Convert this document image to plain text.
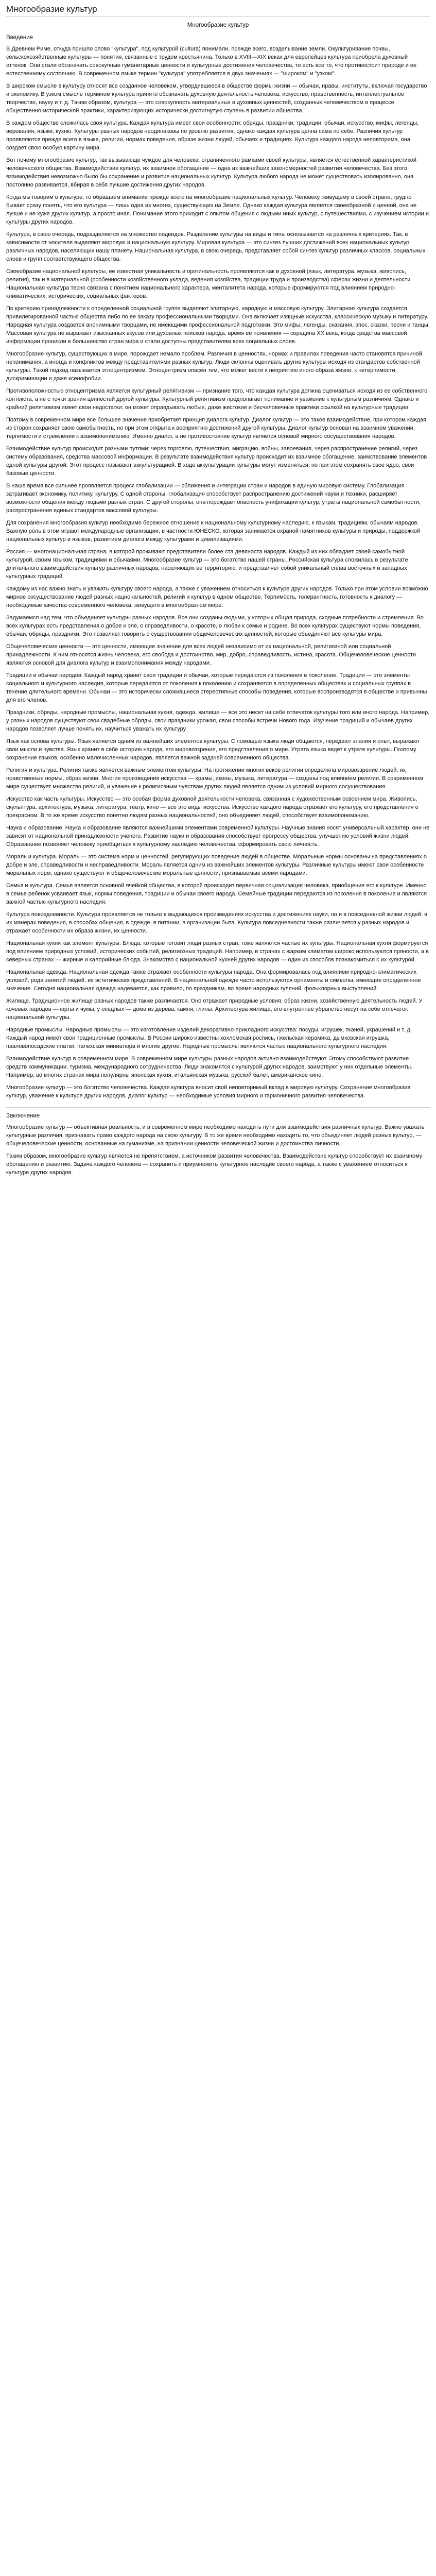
Многообразие культур
Многообразие культур
Введение

В Древнем Риме, откуда пришло слово "культура", под культурой (cultura) понимали, прежде всего, возделывание земли. Окультуривание почвы, сельскохозяйственные культуры — понятия, связанные с трудом крестьянина. Только в XVIII—XIX веках для европейцев культура приобрела духовный оттенок. Они стали обозначать совокупные гуманитарные ценности и культурные достижения человечества, то есть все то, что противостоит природе и ее естественному состоянию. В современном языке термин "культура" употребляется в двух значениях — "широком" и "узком".

В широком смысле в культуру относят все созданное человеком, утвердившееся в обществе формы жизни — обычаи, нравы, институты, включая государство и экономику. В узком смысле термином культура принято обозначать духовную деятельность человека: искусство, нравственность, интеллектуальное творчество, науку и т. д. Таким образом, культура — это совокупность материальных и духовных ценностей, созданных человечеством в процессе общественно-исторической практики, характеризующих исторически достигнутую ступень в развитии общества.

В каждом обществе сложилась своя культура. Каждая культура имеет свои особенности: обряды, праздники, традиции, обычаи, искусство, мифы, легенды, верования, языки, кухню. Культуры разных народов неодинаковы по уровню развития, однако каждая культура ценна сама по себе. Различия культур проявляются прежде всего в языке, религии, нормах поведения, образе жизни людей, обычаях и традициях. Культура каждого народа неповторима, она создает свою особую картину мира.

Вот почему многообразие культур, так вызывающе чуждое для человека, ограниченного рамками своей культуры, является естественной характеристикой человеческого общества. Взаимодействие культур, их взаимное обогащение — одна из важнейших закономерностей развития человечества. Без этого взаимодействия невозможно было бы сохранение и развитие национальных культур. Культура любого народа не может существовать изолированно, она постоянно развивается, вбирая в себя лучшие достижения других народов.

Когда мы говорим о культуре, то обращаем внимание прежде всего на многообразие национальных культур. Человеку, живущему в своей стране, трудно бывает сразу понять, что его культура — лишь одна из многих, существующих на Земле. Однако каждая культура является своеобразной и ценной, она не лучше и не хуже других культур, а просто иная. Понимание этого приходит с опытом общения с людьми иных культур, с путешествиями, с изучением истории и культуры других народов.

Культура, в свою очередь, подразделяется на множество подвидов. Разделение культуры на виды и типы основывается на различных критериях. Так, в зависимости от носителя выделяют мировую и национальную культуру. Мировая культура — это синтез лучших достижений всех национальных культур различных народов, населяющих нашу планету. Национальная культура, в свою очередь, представляет собой синтез культур различных классов, социальных слоев и групп соответствующего общества.

Своеобразие национальной культуры, ее известная уникальность и оригинальность проявляются как в духовной (язык, литература, музыка, живопись, религия), так и в материальной (особенности хозяйственного уклада, ведения хозяйства, традиции труда и производства) сферах жизни и деятельности. Национальная культура тесно связана с понятием национального характера, менталитета народа, которые формируются под влиянием природно-климатических, исторических, социальных факторов.

По критерию принадлежности к определенной социальной группе выделяют элитарную, народную и массовую культуру. Элитарная культура создается привилегированной частью общества либо по ее заказу профессиональными творцами. Она включает изящные искусства, классическую музыку и литературу. Народная культура создается анонимными творцами, не имеющими профессиональной подготовки. Это мифы, легенды, сказания, эпос, сказки, песни и танцы. Массовая культура не выражает изысканных вкусов или духовных поисков народа, время ее появления — середина XX века, когда средства массовой информации проникли в большинство стран мира и стали доступны представителям всех социальных слоев.

Многообразие культур, существующих в мире, порождает немало проблем. Различия в ценностях, нормах и правилах поведения часто становятся причиной непонимания, а иногда и конфликтов между представителями разных культур. Люди склонны оценивать другие культуры исходя из стандартов собственной культуры. Такой подход называется этноцентризмом. Этноцентризм опасен тем, что может вести к неприятию иного образа жизни, к нетерпимости, дискриминации и даже ксенофобии.

Противоположностью этноцентризма является культурный релятивизм — признание того, что каждая культура должна оцениваться исходя из ее собственного контекста, а не с точки зрения ценностей другой культуры. Культурный релятивизм предполагает понимание и уважение к культурным различиям. Однако и крайний релятивизм имеет свои недостатки: он может оправдывать любые, даже жестокие и бесчеловечные практики ссылкой на культурные традиции.

Поэтому в современном мире все большее значение приобретает принцип диалога культур. Диалог культур — это такое взаимодействие, при котором каждая из сторон сохраняет свою самобытность, но при этом открыта к восприятию достижений другой культуры. Диалог культур основан на взаимном уважении, терпимости и стремлении к взаимопониманию. Именно диалог, а не противостояние культур является основой мирного сосуществования народов.

Взаимодействие культур происходит разными путями: через торговлю, путешествия, миграцию, войны, завоевания, через распространение религий, через систему образования, средства массовой информации. В результате взаимодействия культур происходит их взаимное обогащение, заимствование элементов одной культуры другой. Этот процесс называют аккультурацией. В ходе аккультурации культуры могут изменяться, но при этом сохранять свое ядро, свои базовые ценности.

В наше время все сильнее проявляется процесс глобализации — сближения и интеграции стран и народов в единую мировую систему. Глобализация затрагивает экономику, политику, культуру. С одной стороны, глобализация способствует распространению достижений науки и техники, расширяет возможности общения между людьми разных стран. С другой стороны, она порождает опасность унификации культур, утраты национальной самобытности, распространения единых стандартов массовой культуры.

Для сохранения многообразия культур необходимо бережное отношение к национальному культурному наследию, к языкам, традициям, обычаям народов. Важную роль в этом играют международные организации, в частности ЮНЕСКО, которая занимается охраной памятников культуры и природы, поддержкой национальных культур и языков, развитием диалога между культурами и цивилизациями.

Россия — многонациональная страна, в которой проживают представители более ста девяноста народов. Каждый из них обладает своей самобытной культурой, своим языком, традициями и обычаями. Многообразие культур — это богатство нашей страны. Российская культура сложилась в результате длительного взаимодействия культур различных народов, населяющих ее территорию, и представляет собой уникальный сплав восточных и западных культурных традиций.

Каждому из нас важно знать и уважать культуру своего народа, а также с уважением относиться к культуре других народов. Только при этом условии возможно мирное сосуществование людей разных национальностей, религий и культур в одном обществе. Терпимость, толерантность, готовность к диалогу — необходимые качества современного человека, живущего в многообразном мире.

Задумаемся над тем, что объединяет культуры разных народов. Все они созданы людьми, у которых общая природа, сходные потребности и стремления. Во всех культурах есть представления о добре и зле, о справедливости, о красоте, о любви к семье и родине. Во всех культурах существуют нормы поведения, обычаи, обряды, праздники. Это позволяет говорить о существовании общечеловеческих ценностей, которые объединяют все культуры мира.

Общечеловеческие ценности — это ценности, имеющие значение для всех людей независимо от их национальной, религиозной или социальной принадлежности. К ним относятся жизнь человека, его свобода и достоинство, мир, добро, справедливость, истина, красота. Общечеловеческие ценности являются основой для диалога культур и взаимопонимания между народами.

Традиции и обычаи народов. Каждый народ хранит свои традиции и обычаи, которые передаются из поколения в поколение. Традиции — это элементы социального и культурного наследия, которые передаются от поколения к поколению и сохраняются в определенных обществах и социальных группах в течение длительного времени. Обычаи — это исторически сложившиеся стереотипные способы поведения, которые воспроизводятся в обществе и привычны для его членов.

Праздники, обряды, народные промыслы, национальная кухня, одежда, жилище — все это несет на себе отпечаток культуры того или иного народа. Например, у разных народов существуют свои свадебные обряды, свои праздники урожая, свои способы встречи Нового года. Изучение традиций и обычаев других народов позволяет лучше понять их, научиться уважать их культуру.

Язык как основа культуры. Язык является одним из важнейших элементов культуры. С помощью языка люди общаются, передают знания и опыт, выражают свои мысли и чувства. Язык хранит в себе историю народа, его мировоззрение, его представления о мире. Утрата языка ведет к утрате культуры. Поэтому сохранение языков, особенно малочисленных народов, является важной задачей современного общества.

Религия и культура. Религия также является важным элементом культуры. На протяжении многих веков религия определяла мировоззрение людей, их нравственные нормы, образ жизни. Многие произведения искусства — храмы, иконы, музыка, литература — созданы под влиянием религии. В современном мире существует множество религий, и уважение к религиозным чувствам других людей является одним из условий мирного сосуществования.

Искусство как часть культуры. Искусство — это особая форма духовной деятельности человека, связанная с художественным освоением мира. Живопись, скульптура, архитектура, музыка, литература, театр, кино — все это виды искусства. Искусство каждого народа отражает его культуру, его представления о прекрасном. В то же время искусство понятно людям разных национальностей, оно объединяет людей, способствует взаимопониманию.

Наука и образование. Наука и образование являются важнейшими элементами современной культуры. Научные знания носят универсальный характер, они не зависят от национальной принадлежности ученого. Развитие науки и образования способствует прогрессу общества, улучшению условий жизни людей. Образование позволяет человеку приобщиться к культурному наследию человечества, сформировать свою личность.

Мораль и культура. Мораль — это система норм и ценностей, регулирующих поведение людей в обществе. Моральные нормы основаны на представлениях о добре и зле, справедливости и несправедливости. Мораль является одним из важнейших элементов культуры. Различные культуры имеют свои особенности моральных норм, однако существуют и общечеловеческие моральные ценности, признаваемые всеми народами.

Семья и культура. Семья является основной ячейкой общества, в которой происходит первичная социализация человека, приобщение его к культуре. Именно в семье ребенок усваивает язык, нормы поведения, традиции и обычаи своего народа. Семейные традиции передаются из поколения в поколение и являются важной частью культурного наследия.

Культура повседневности. Культура проявляется не только в выдающихся произведениях искусства и достижениях науки, но и в повседневной жизни людей: в их манерах поведения, в способах общения, в одежде, в питании, в организации быта. Культура повседневности также различается у разных народов и отражает особенности их образа жизни, их ценности.

Национальная кухня как элемент культуры. Блюда, которые готовят люди разных стран, тоже являются частью их культуры. Национальная кухня формируется под влиянием природных условий, исторических событий, религиозных традиций. Например, в странах с жарким климатом широко используются пряности, а в северных странах — жирные и калорийные блюда. Знакомство с национальной кухней других народов — один из способов познакомиться с их культурой.

Национальная одежда. Национальная одежда также отражает особенности культуры народа. Она формировалась под влиянием природно-климатических условий, рода занятий людей, их эстетических представлений. В национальной одежде часто используются орнаменты и символы, имеющие определенное значение. Сегодня национальная одежда надевается, как правило, по праздникам, во время народных гуляний, фольклорных выступлений.

Жилище. Традиционное жилище разных народов также различается. Оно отражает природные условия, образ жизни, хозяйственную деятельность людей. У кочевых народов — юрты и чумы, у оседлых — дома из дерева, камня, глины. Архитектура жилища, его внутреннее убранство несут на себе отпечаток национальной культуры.

Народные промыслы. Народные промыслы — это изготовление изделий декоративно-прикладного искусства: посуды, игрушек, тканей, украшений и т. д. Каждый народ имеет свои традиционные промыслы. В России широко известны хохломская роспись, гжельская керамика, дымковская игрушка, павловопосадские платки, палехская миниатюра и многие другие. Народные промыслы являются частью национального культурного наследия.

Взаимодействие культур в современном мире. В современном мире культуры разных народов активно взаимодействуют. Этому способствуют развитие средств коммуникации, туризма, международного сотрудничества. Люди знакомятся с культурой других народов, заимствуют у них отдельные элементы. Например, во многих странах мира популярны японская кухня, итальянская музыка, русский балет, американское кино.

Многообразие культур — это богатство человечества. Каждая культура вносит свой неповторимый вклад в мировую культуру. Сохранение многообразия культур, уважение к культуре других народов, диалог культур — необходимые условия мирного и гармоничного развития человечества.

Заключение

Многообразие культур — объективная реальность, и в современном мире необходимо находить пути для взаимодействия различных культур. Важно уважать культурные различия, признавать право каждого народа на свою культуру. В то же время необходимо находить то, что объединяет людей разных культур, — общечеловеческие ценности, основанные на гуманизме, на признании ценности человеческой жизни и достоинства личности.

Таким образом, многообразие культур является не препятствием, а источником развития человечества. Взаимодействие культур способствует их взаимному обогащению и развитию. Задача каждого человека — сохранить и приумножить культурное наследие своего народа, а также с уважением относиться к культуре других народов.
